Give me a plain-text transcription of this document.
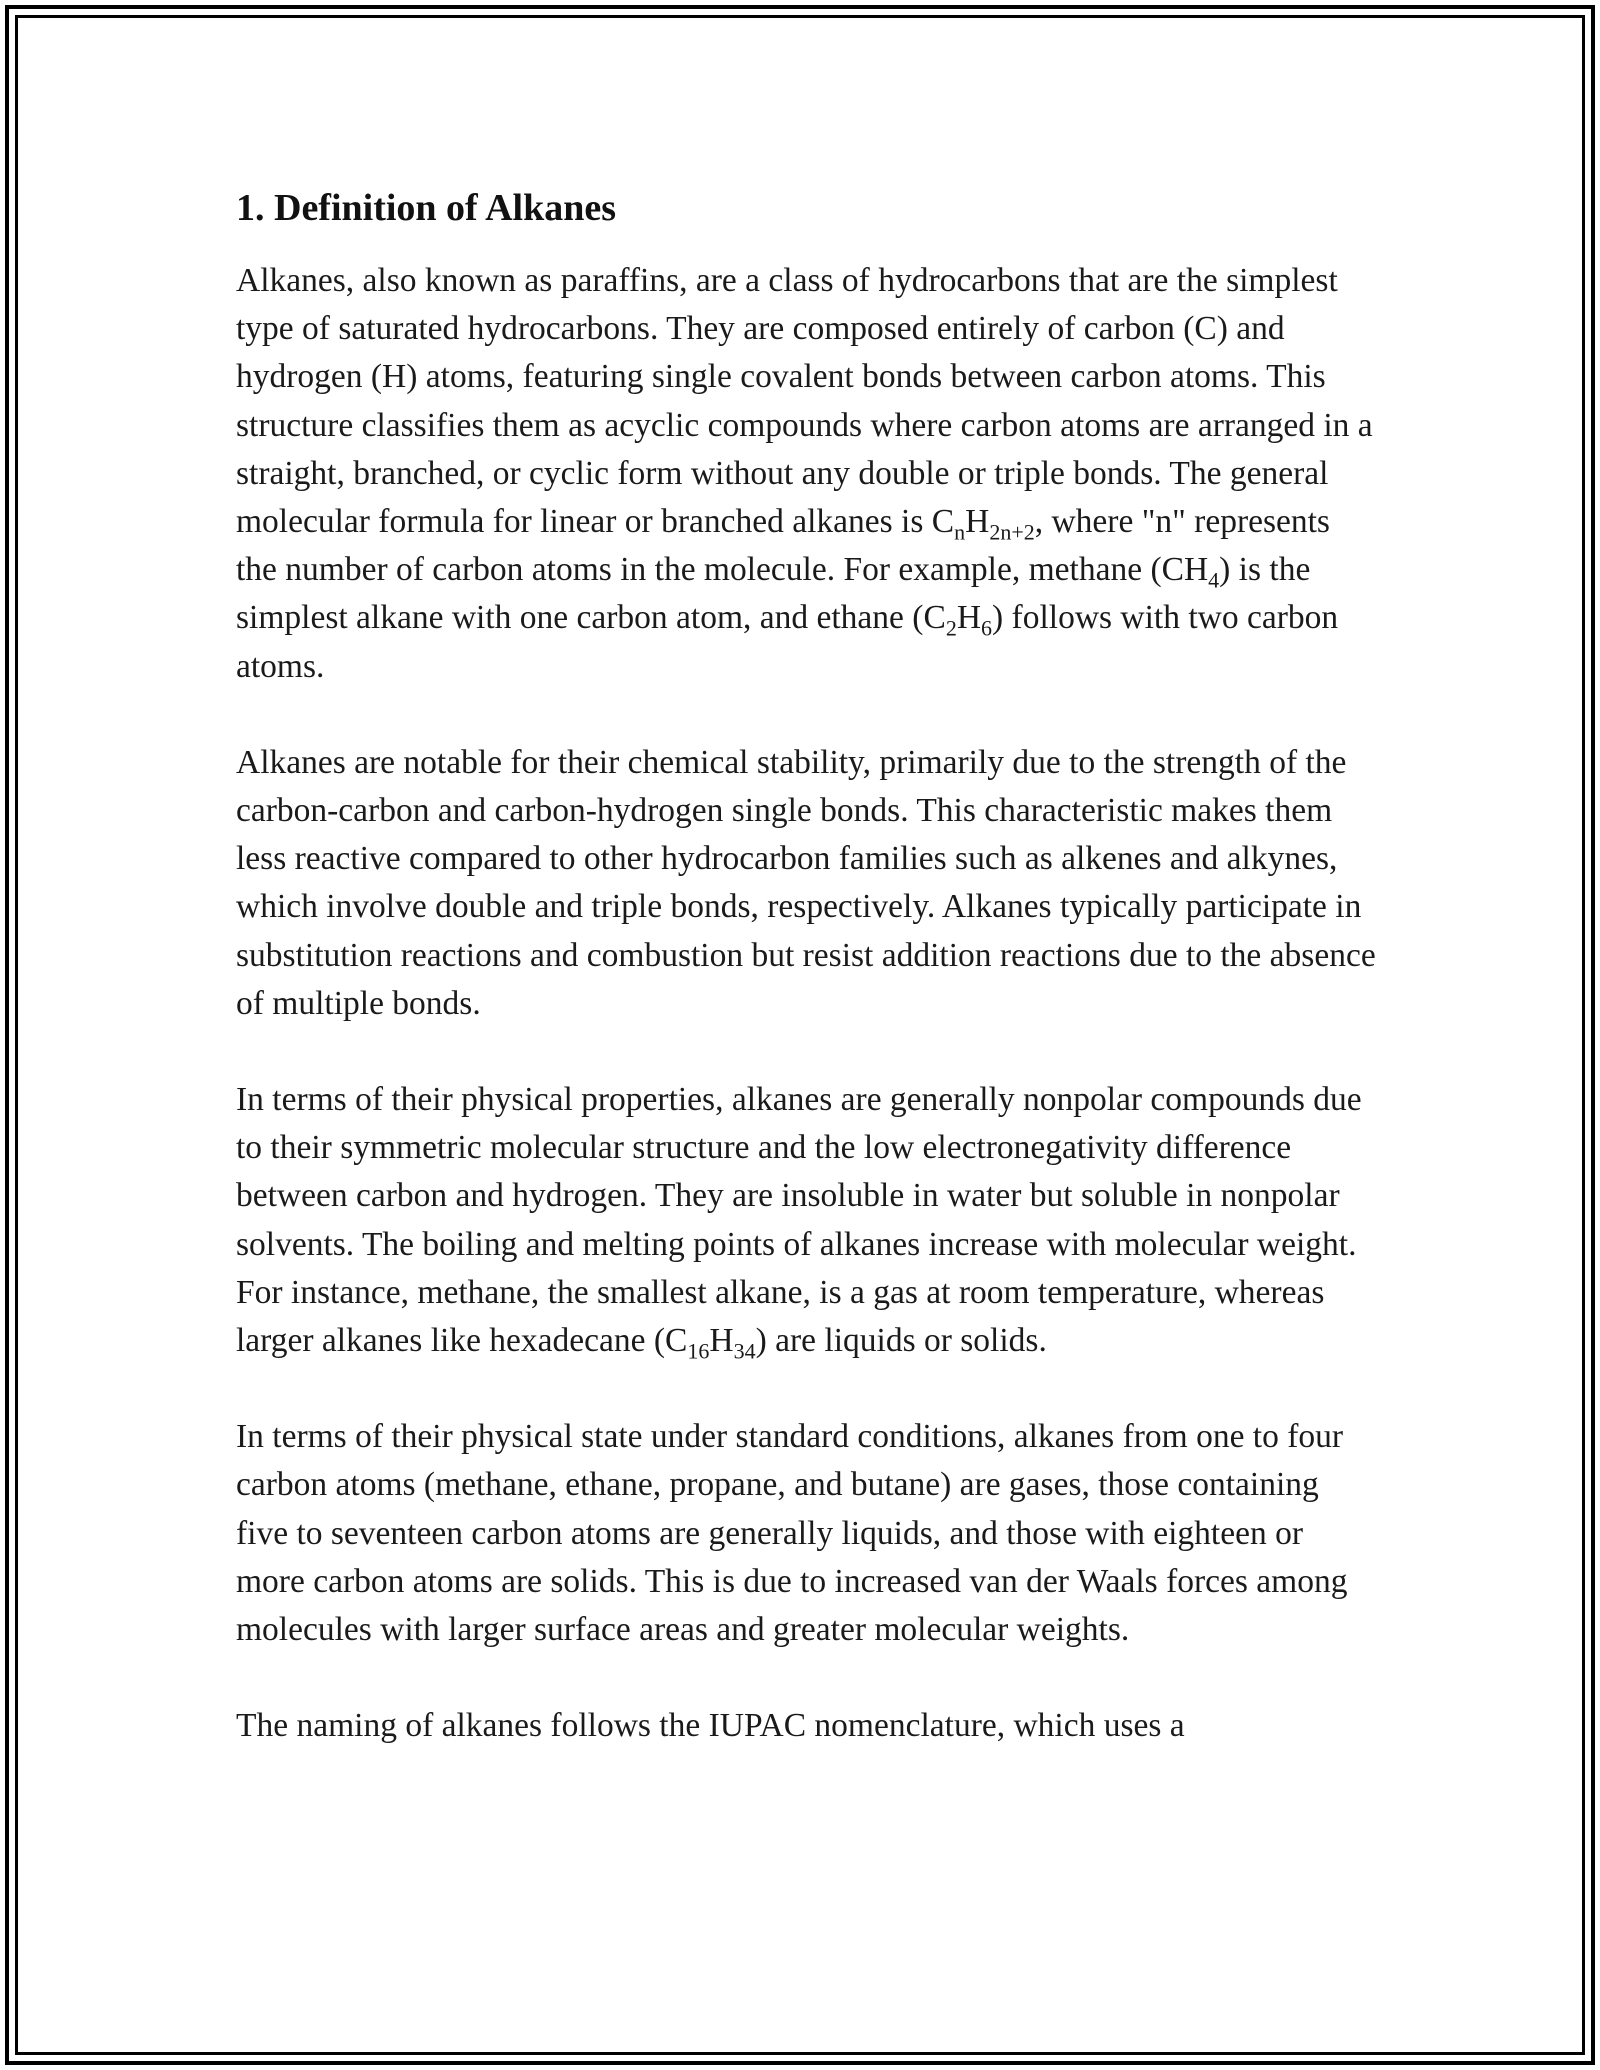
1. Definition of Alkanes

Alkanes, also known as paraffins, are a class of hydrocarbons that are the simplest type of saturated hydrocarbons. They are composed entirely of carbon (C) and hydrogen (H) atoms, featuring single covalent bonds between carbon atoms. This structure classifies them as acyclic compounds where carbon atoms are arranged in a straight, branched, or cyclic form without any double or triple bonds. The general molecular formula for linear or branched alkanes is $C_nH_{2n+2}$, where "n" represents the number of carbon atoms in the molecule. For example, methane $(CH_4)$ is the simplest alkane with one carbon atom, and ethane $(C_2H_6)$ follows with two carbon atoms.

Alkanes are notable for their chemical stability, primarily due to the strength of the carbon-carbon and carbon-hydrogen single bonds. This characteristic makes them less reactive compared to other hydrocarbon families such as alkenes and alkynes, which involve double and triple bonds, respectively. Alkanes typically participate in substitution reactions and combustion but resist addition reactions due to the absence of multiple bonds.

In terms of their physical properties, alkanes are generally nonpolar compounds due to their symmetric molecular structure and the low electronegativity difference between carbon and hydrogen. They are insoluble in water but soluble in nonpolar solvents. The boiling and melting points of alkanes increase with molecular weight. For instance, methane, the smallest alkane, is a gas at room temperature, whereas larger alkanes like hexadecane $(C_{16}H_{34})$ are liquids or solids.

In terms of their physical state under standard conditions, alkanes from one to four carbon atoms (methane, ethane, propane, and butane) are gases, those containing five to seventeen carbon atoms are generally liquids, and those with eighteen or more carbon atoms are solids. This is due to increased van der Waals forces among molecules with larger surface areas and greater molecular weights.

The naming of alkanes follows the IUPAC nomenclature, which uses a
